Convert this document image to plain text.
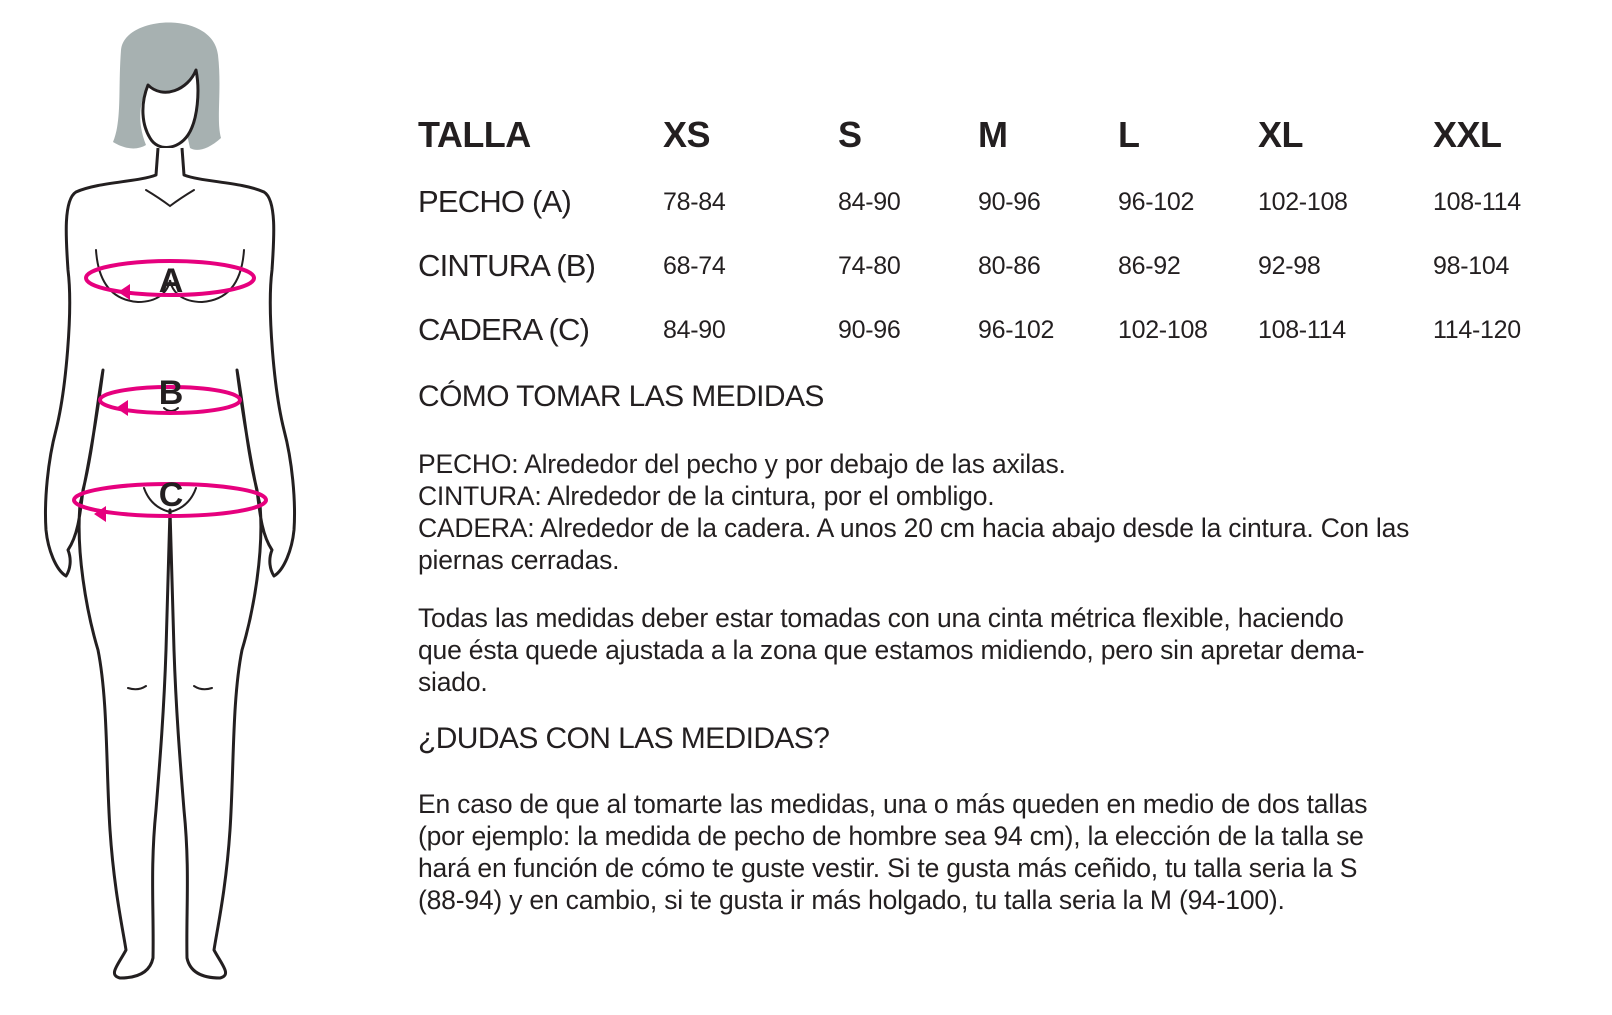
A
B
C
TALLA	XS	S	M	L	XL	XXL
PECHO (A)	78-84	84-90	90-96	96-102	102-108	108-114
CINTURA (B)	68-74	74-80	80-86	86-92	92-98	98-104
CADERA (C)	84-90	90-96	96-102	102-108	108-114	114-120
CÓMO TOMAR LAS MEDIDAS

PECHO: Alrededor del pecho y por debajo de las axilas.
CINTURA: Alrededor de la cintura, por el ombligo.
CADERA: Alrededor de la cadera. A unos 20 cm hacia abajo desde la cintura. Con las
piernas cerradas.

Todas las medidas deber estar tomadas con una cinta métrica flexible, haciendo
que ésta quede ajustada a la zona que estamos midiendo, pero sin apretar dema-
siado.

¿DUDAS CON LAS MEDIDAS?

En caso de que al tomarte las medidas, una o más queden en medio de dos tallas
(por ejemplo: la medida de pecho de hombre sea 94 cm), la elección de la talla se
hará en función de cómo te guste vestir. Si te gusta más ceñido, tu talla seria la S
(88-94) y en cambio, si te gusta ir más holgado, tu talla seria la M (94-100).
